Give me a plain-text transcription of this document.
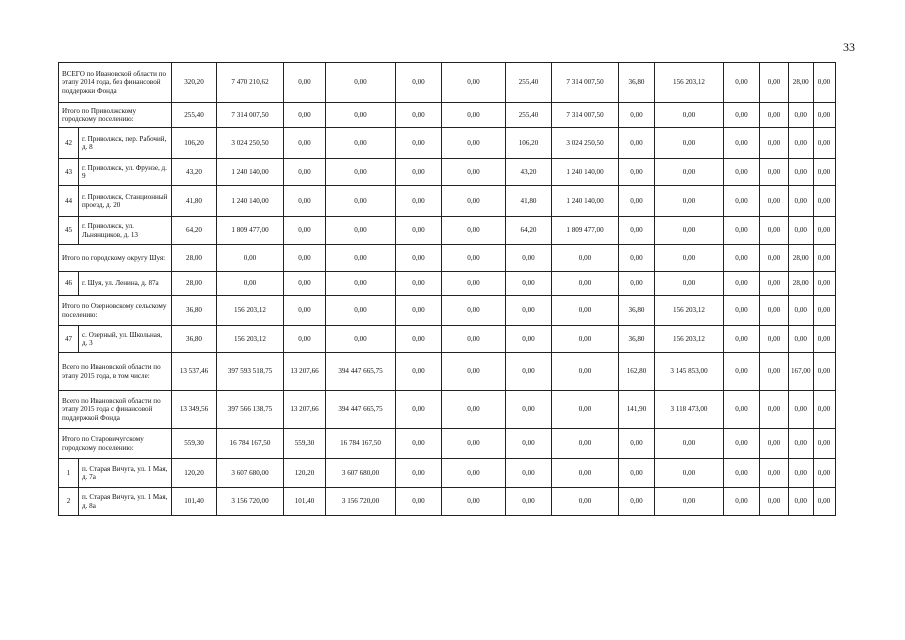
33
ВСЕГО по Ивановской области по этапу 2014 года, без финансовой поддержки Фонда		320,20	7 470 210,62	0,00	0,00	0,00	0,00	255,40	7 314 007,50	36,80	156 203,12	0,00	0,00	28,00	0,00
Итого по Приволжскому городскому поселению:		255,40	7 314 007,50	0,00	0,00	0,00	0,00	255,40	7 314 007,50	0,00	0,00	0,00	0,00	0,00	0,00
42	г. Приволжск, пер. Рабочий, д. 8	106,20	3 024 250,50	0,00	0,00	0,00	0,00	106,20	3 024 250,50	0,00	0,00	0,00	0,00	0,00	0,00
43	г. Приволжск, ул. Фрунзе, д. 9	43,20	1 240 140,00	0,00	0,00	0,00	0,00	43,20	1 240 140,00	0,00	0,00	0,00	0,00	0,00	0,00
44	г. Приволжск, Станционный проезд, д. 20	41,80	1 240 140,00	0,00	0,00	0,00	0,00	41,80	1 240 140,00	0,00	0,00	0,00	0,00	0,00	0,00
45	г. Приволжск, ул. Льнянщиков, д. 13	64,20	1 809 477,00	0,00	0,00	0,00	0,00	64,20	1 809 477,00	0,00	0,00	0,00	0,00	0,00	0,00
Итого по городскому округу Шуя:		28,00	0,00	0,00	0,00	0,00	0,00	0,00	0,00	0,00	0,00	0,00	0,00	28,00	0,00
46	г. Шуя, ул. Ленина, д. 87а	28,00	0,00	0,00	0,00	0,00	0,00	0,00	0,00	0,00	0,00	0,00	0,00	28,00	0,00
Итого по Озерновскому сельскому поселению:		36,80	156 203,12	0,00	0,00	0,00	0,00	0,00	0,00	36,80	156 203,12	0,00	0,00	0,00	0,00
47	с. Озерный, ул. Школьная, д. 3	36,80	156 203,12	0,00	0,00	0,00	0,00	0,00	0,00	36,80	156 203,12	0,00	0,00	0,00	0,00
Всего по Ивановской области по этапу 2015 года, в том числе:		13 537,46	397 593 518,75	13 207,66	394 447 665,75	0,00	0,00	0,00	0,00	162,80	3 145 853,00	0,00	0,00	167,00	0,00
Всего по Ивановской области по этапу 2015 года с финансовой поддержкой Фонда		13 349,56	397 566 138,75	13 207,66	394 447 665,75	0,00	0,00	0,00	0,00	141,90	3 118 473,00	0,00	0,00	0,00	0,00
Итого по Старовичугскому городскому поселению:		559,30	16 784 167,50	559,30	16 784 167,50	0,00	0,00	0,00	0,00	0,00	0,00	0,00	0,00	0,00	0,00
1	п. Старая Вичуга, ул. 1 Мая, д. 7а	120,20	3 607 680,00	120,20	3 607 680,00	0,00	0,00	0,00	0,00	0,00	0,00	0,00	0,00	0,00	0,00
2	п. Старая Вичуга, ул. 1 Мая, д. 8а	101,40	3 156 720,00	101,40	3 156 720,00	0,00	0,00	0,00	0,00	0,00	0,00	0,00	0,00	0,00	0,00
